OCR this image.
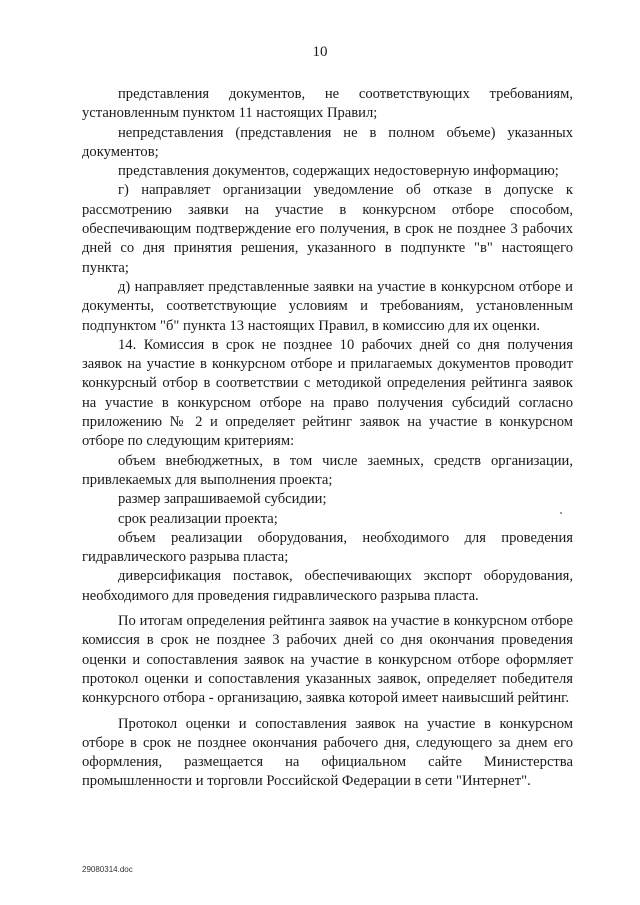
10

представления документов, не соответствующих требованиям, установленным пунктом 11 настоящих Правил;

непредставления (представления не в полном объеме) указанных документов;

представления документов, содержащих недостоверную информацию;

г) направляет организации уведомление об отказе в допуске к рассмотрению заявки на участие в конкурсном отборе способом, обеспечивающим подтверждение его получения, в срок не позднее 3 рабочих дней со дня принятия решения, указанного в подпункте "в" настоящего пункта;

д) направляет представленные заявки на участие в конкурсном отборе и документы, соответствующие условиям и требованиям, установленным подпунктом "б" пункта 13 настоящих Правил, в комиссию для их оценки.

14. Комиссия в срок не позднее 10 рабочих дней со дня получения заявок на участие в конкурсном отборе и прилагаемых документов проводит конкурсный отбор в соответствии с методикой определения рейтинга заявок на участие в конкурсном отборе на право получения субсидий согласно приложению № 2 и определяет рейтинг заявок на участие в конкурсном отборе по следующим критериям:

объем внебюджетных, в том числе заемных, средств организации, привлекаемых для выполнения проекта;

размер запрашиваемой субсидии;

срок реализации проекта;

объем реализации оборудования, необходимого для проведения гидравлического разрыва пласта;

диверсификация поставок, обеспечивающих экспорт оборудования, необходимого для проведения гидравлического разрыва пласта.

По итогам определения рейтинга заявок на участие в конкурсном отборе комиссия в срок не позднее 3 рабочих дней со дня окончания проведения оценки и сопоставления заявок на участие в конкурсном отборе оформляет протокол оценки и сопоставления указанных заявок, определяет победителя конкурсного отбора - организацию, заявка которой имеет наивысший рейтинг.

Протокол оценки и сопоставления заявок на участие в конкурсном отборе в срок не позднее окончания рабочего дня, следующего за днем его оформления, размещается на официальном сайте Министерства промышленности и торговли Российской Федерации в сети "Интернет".

29080314.doc
